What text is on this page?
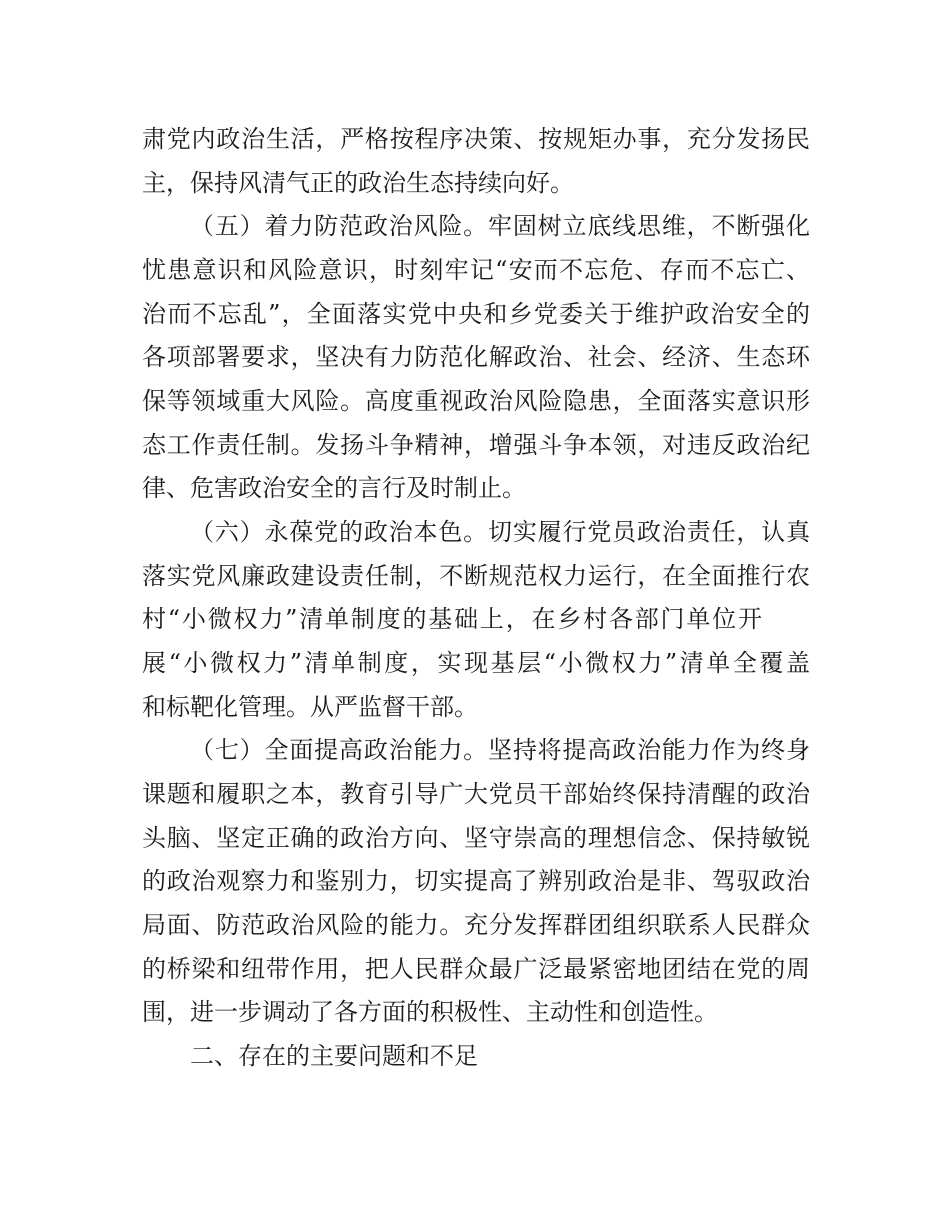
肃党内政治生活，严格按程序决策、按规矩办事，充分发扬民
主，保持风清气正的政治生态持续向好。
（五）着力防范政治风险。牢固树立底线思维，不断强化
忧患意识和风险意识，时刻牢记“安而不忘危、存而不忘亡、
治而不忘乱”，全面落实党中央和乡党委关于维护政治安全的
各项部署要求，坚决有力防范化解政治、社会、经济、生态环
保等领域重大风险。高度重视政治风险隐患，全面落实意识形
态工作责任制。发扬斗争精神，增强斗争本领，对违反政治纪
律、危害政治安全的言行及时制止。
（六）永葆党的政治本色。切实履行党员政治责任，认真
落实党风廉政建设责任制，不断规范权力运行，在全面推行农
村“小微权力”清单制度的基础上，在乡村各部门单位开
展“小微权力”清单制度，实现基层“小微权力”清单全覆盖
和标靶化管理。从严监督干部。
（七）全面提高政治能力。坚持将提高政治能力作为终身
课题和履职之本，教育引导广大党员干部始终保持清醒的政治
头脑、坚定正确的政治方向、坚守崇高的理想信念、保持敏锐
的政治观察力和鉴别力，切实提高了辨别政治是非、驾驭政治
局面、防范政治风险的能力。充分发挥群团组织联系人民群众
的桥梁和纽带作用，把人民群众最广泛最紧密地团结在党的周
围，进一步调动了各方面的积极性、主动性和创造性。
二、存在的主要问题和不足
